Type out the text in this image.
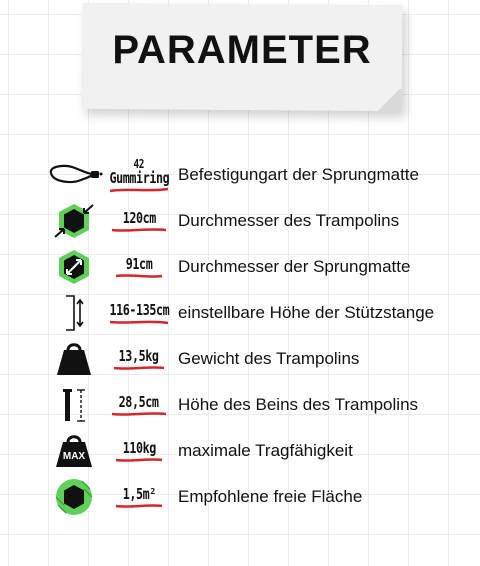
PARAMETER
42
Gummiring Befestigungart der Sprungmatte
120cm Durchmesser des Trampolins
91cm Durchmesser der Sprungmatte
116-135cm einstellbare Höhe der Stützstange
13,5kg Gewicht des Trampolins
28,5cm Höhe des Beins des Trampolins
MAX 110kg maximale Tragfähigkeit
1,5m² Empfohlene freie Fläche
